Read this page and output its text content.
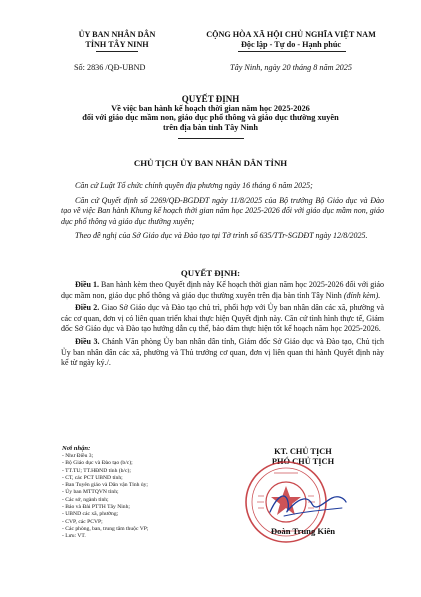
ỦY BAN NHÂN DÂN
TỈNH TÂY NINH
Số: 2836 /QĐ-UBND
CỘNG HÒA XÃ HỘI CHỦ NGHĨA VIỆT NAM
Độc lập - Tự do - Hạnh phúc
Tây Ninh, ngày 20 tháng 8 năm 2025
QUYẾT ĐỊNH
Về việc ban hành kế hoạch thời gian năm học 2025-2026
đối với giáo dục mầm non, giáo dục phổ thông và giáo dục thường xuyên
trên địa bàn tỉnh Tây Ninh
CHỦ TỊCH ỦY BAN NHÂN DÂN TỈNH
Căn cứ Luật Tổ chức chính quyền địa phương ngày 16 tháng 6 năm 2025;
Căn cứ Quyết định số 2269/QĐ-BGDĐT ngày 11/8/2025 của Bộ trưởng Bộ Giáo dục và Đào tạo về việc Ban hành Khung kế hoạch thời gian năm học 2025-2026 đối với giáo dục mầm non, giáo dục phổ thông và giáo dục thường xuyên;
Theo đề nghị của Sở Giáo dục và Đào tạo tại Tờ trình số 635/TTr-SGDĐT ngày 12/8/2025.
QUYẾT ĐỊNH:
Điều 1. Ban hành kèm theo Quyết định này Kế hoạch thời gian năm học 2025-2026 đối với giáo dục mầm non, giáo dục phổ thông và giáo dục thường xuyên trên địa bàn tỉnh Tây Ninh (đính kèm).
Điều 2. Giao Sở Giáo dục và Đào tạo chủ trì, phối hợp với Ủy ban nhân dân các xã, phường và các cơ quan, đơn vị có liên quan triển khai thực hiện Quyết định này. Căn cứ tình hình thực tế, Giám đốc Sở Giáo dục và Đào tạo hướng dẫn cụ thể, bảo đảm thực hiện tốt kế hoạch năm học 2025-2026.
Điều 3. Chánh Văn phòng Ủy ban nhân dân tỉnh, Giám đốc Sở Giáo dục và Đào tạo, Chủ tịch Ủy ban nhân dân các xã, phường và Thủ trưởng cơ quan, đơn vị liên quan thi hành Quyết định này kể từ ngày ký./.
Nơi nhận:
- Như Điều 3;
- Bộ Giáo dục và Đào tạo (b/c);
- TT.TU; TT.HĐND tỉnh (b/c);
- CT, các PCT UBND tỉnh;
- Ban Tuyên giáo và Dân vận Tỉnh ủy;
- Ủy ban MTTQVN tỉnh;
- Các sở, ngành tỉnh;
- Báo và Đài PTTH Tây Ninh;
- UBND các xã, phường;
- CVP, các PCVP;
- Các phòng, ban, trung tâm thuộc VP;
- Lưu: VT.
KT. CHỦ TỊCH
PHÓ CHỦ TỊCH
Đoàn Trung Kiên
